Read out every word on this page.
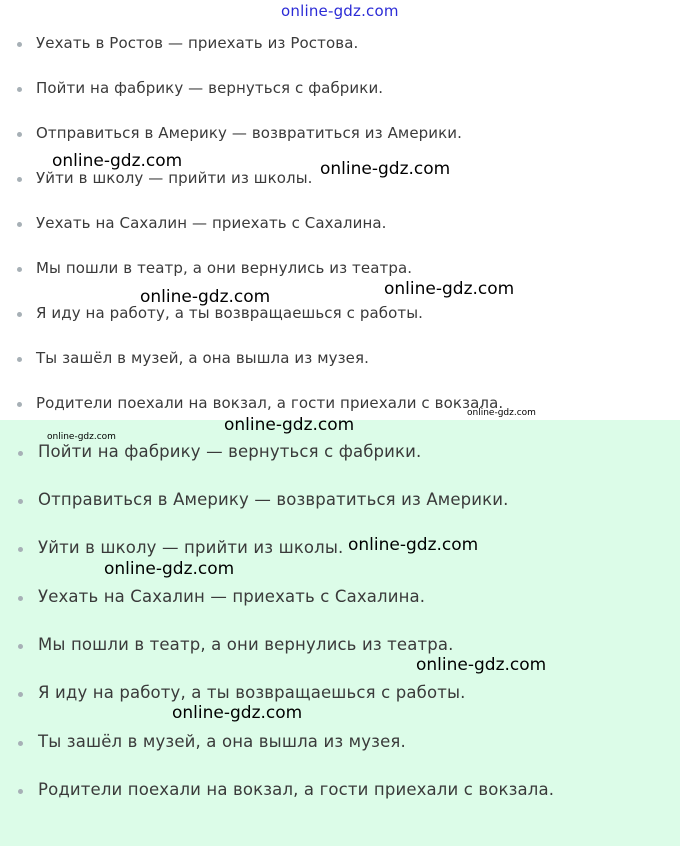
online-gdz.com
Уехать в Ростов — приехать из Ростова.
Пойти на фабрику — вернуться с фабрики.
Отправиться в Америку — возвратиться из Америки.
Уйти в школу — прийти из школы.
Уехать на Сахалин — приехать с Сахалина.
Мы пошли в театр, а они вернулись из театра.
Я иду на работу, а ты возвращаешься с работы.
Ты зашёл в музей, а она вышла из музея.
Родители поехали на вокзал, а гости приехали с вокзала.
Пойти на фабрику — вернуться с фабрики.
Отправиться в Америку — возвратиться из Америки.
Уйти в школу — прийти из школы.
Уехать на Сахалин — приехать с Сахалина.
Мы пошли в театр, а они вернулись из театра.
Я иду на работу, а ты возвращаешься с работы.
Ты зашёл в музей, а она вышла из музея.
Родители поехали на вокзал, а гости приехали с вокзала.
online-gdz.com	online-gdz.com
online-gdz.com	online-gdz.com
online-gdz.com
online-gdz.com
online-gdz.com
online-gdz.com
online-gdz.com
online-gdz.com
online-gdz.com
